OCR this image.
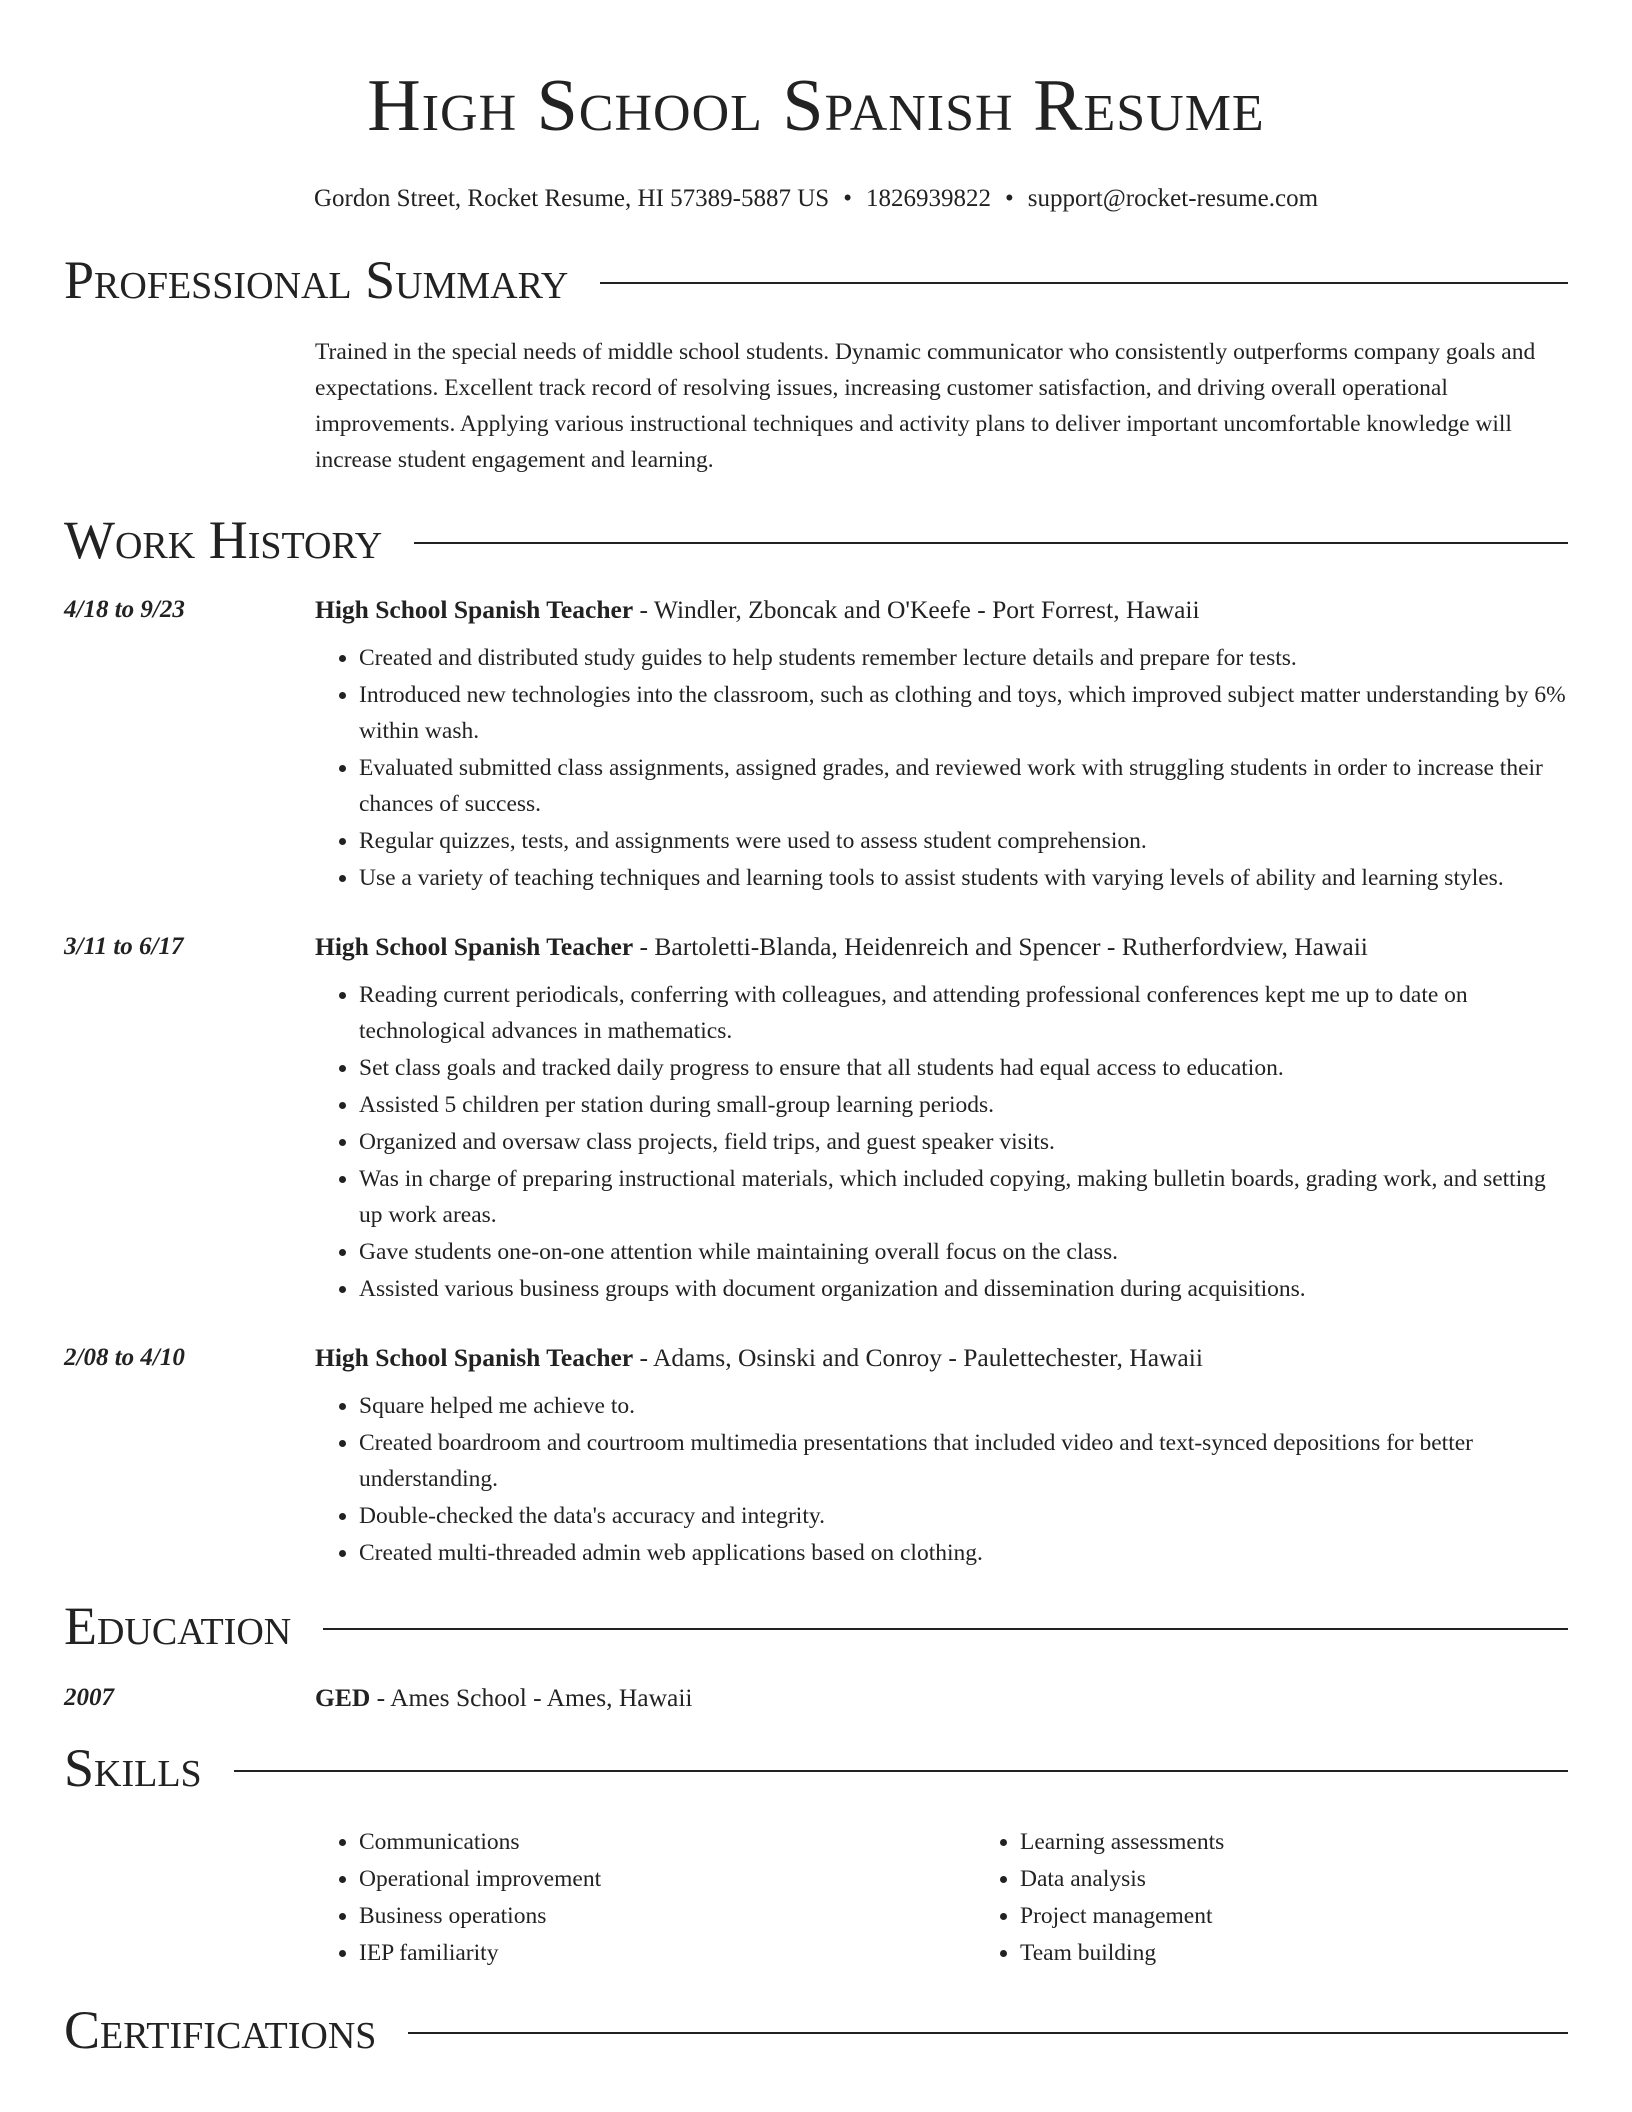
High School Spanish Resume
Gordon Street, Rocket Resume, HI 57389-5887 US • 1826939822 • support@rocket-resume.com
Professional Summary
Trained in the special needs of middle school students. Dynamic communicator who consistently outperforms company goals and expectations. Excellent track record of resolving issues, increasing customer satisfaction, and driving overall operational improvements. Applying various instructional techniques and activity plans to deliver important uncomfortable knowledge will increase student engagement and learning.
Work History
4/18 to 9/23	High School Spanish Teacher - Windler, Zboncak and O'Keefe - Port Forrest, Hawaii
• Created and distributed study guides to help students remember lecture details and prepare for tests.
• Introduced new technologies into the classroom, such as clothing and toys, which improved subject matter understanding by 6% within wash.
• Evaluated submitted class assignments, assigned grades, and reviewed work with struggling students in order to increase their chances of success.
• Regular quizzes, tests, and assignments were used to assess student comprehension.
• Use a variety of teaching techniques and learning tools to assist students with varying levels of ability and learning styles.
3/11 to 6/17	High School Spanish Teacher - Bartoletti-Blanda, Heidenreich and Spencer - Rutherfordview, Hawaii
• Reading current periodicals, conferring with colleagues, and attending professional conferences kept me up to date on technological advances in mathematics.
• Set class goals and tracked daily progress to ensure that all students had equal access to education.
• Assisted 5 children per station during small-group learning periods.
• Organized and oversaw class projects, field trips, and guest speaker visits.
• Was in charge of preparing instructional materials, which included copying, making bulletin boards, grading work, and setting up work areas.
• Gave students one-on-one attention while maintaining overall focus on the class.
• Assisted various business groups with document organization and dissemination during acquisitions.
2/08 to 4/10	High School Spanish Teacher - Adams, Osinski and Conroy - Paulettechester, Hawaii
• Square helped me achieve to.
• Created boardroom and courtroom multimedia presentations that included video and text-synced depositions for better understanding.
• Double-checked the data's accuracy and integrity.
• Created multi-threaded admin web applications based on clothing.
Education
2007	GED - Ames School - Ames, Hawaii
Skills
• Communications
• Operational improvement
• Business operations
• IEP familiarity
• Learning assessments
• Data analysis
• Project management
• Team building
Certifications
